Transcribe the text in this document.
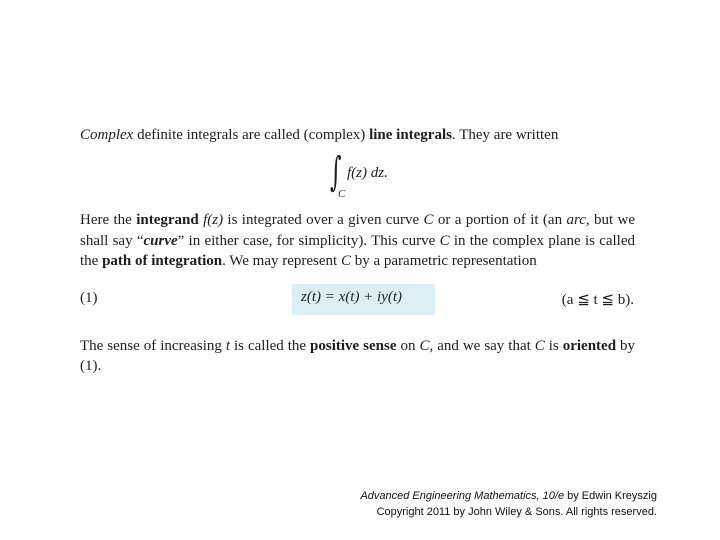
Complex definite integrals are called (complex) line integrals. They are written

∫
C
f(z) dz.

Here the integrand f(z) is integrated over a given curve C or a portion of it (an arc, but we shall say “curve” in either case, for simplicity). This curve C in the complex plane is called the path of integration. We may represent C by a parametric representation

(1)	z(t) = x(t) + iy(t)	(a ≦ t ≦ b).

The sense of increasing t is called the positive sense on C, and we say that C is oriented by (1).

Advanced Engineering Mathematics, 10/e by Edwin Kreyszig
Copyright 2011 by John Wiley & Sons. All rights reserved.
